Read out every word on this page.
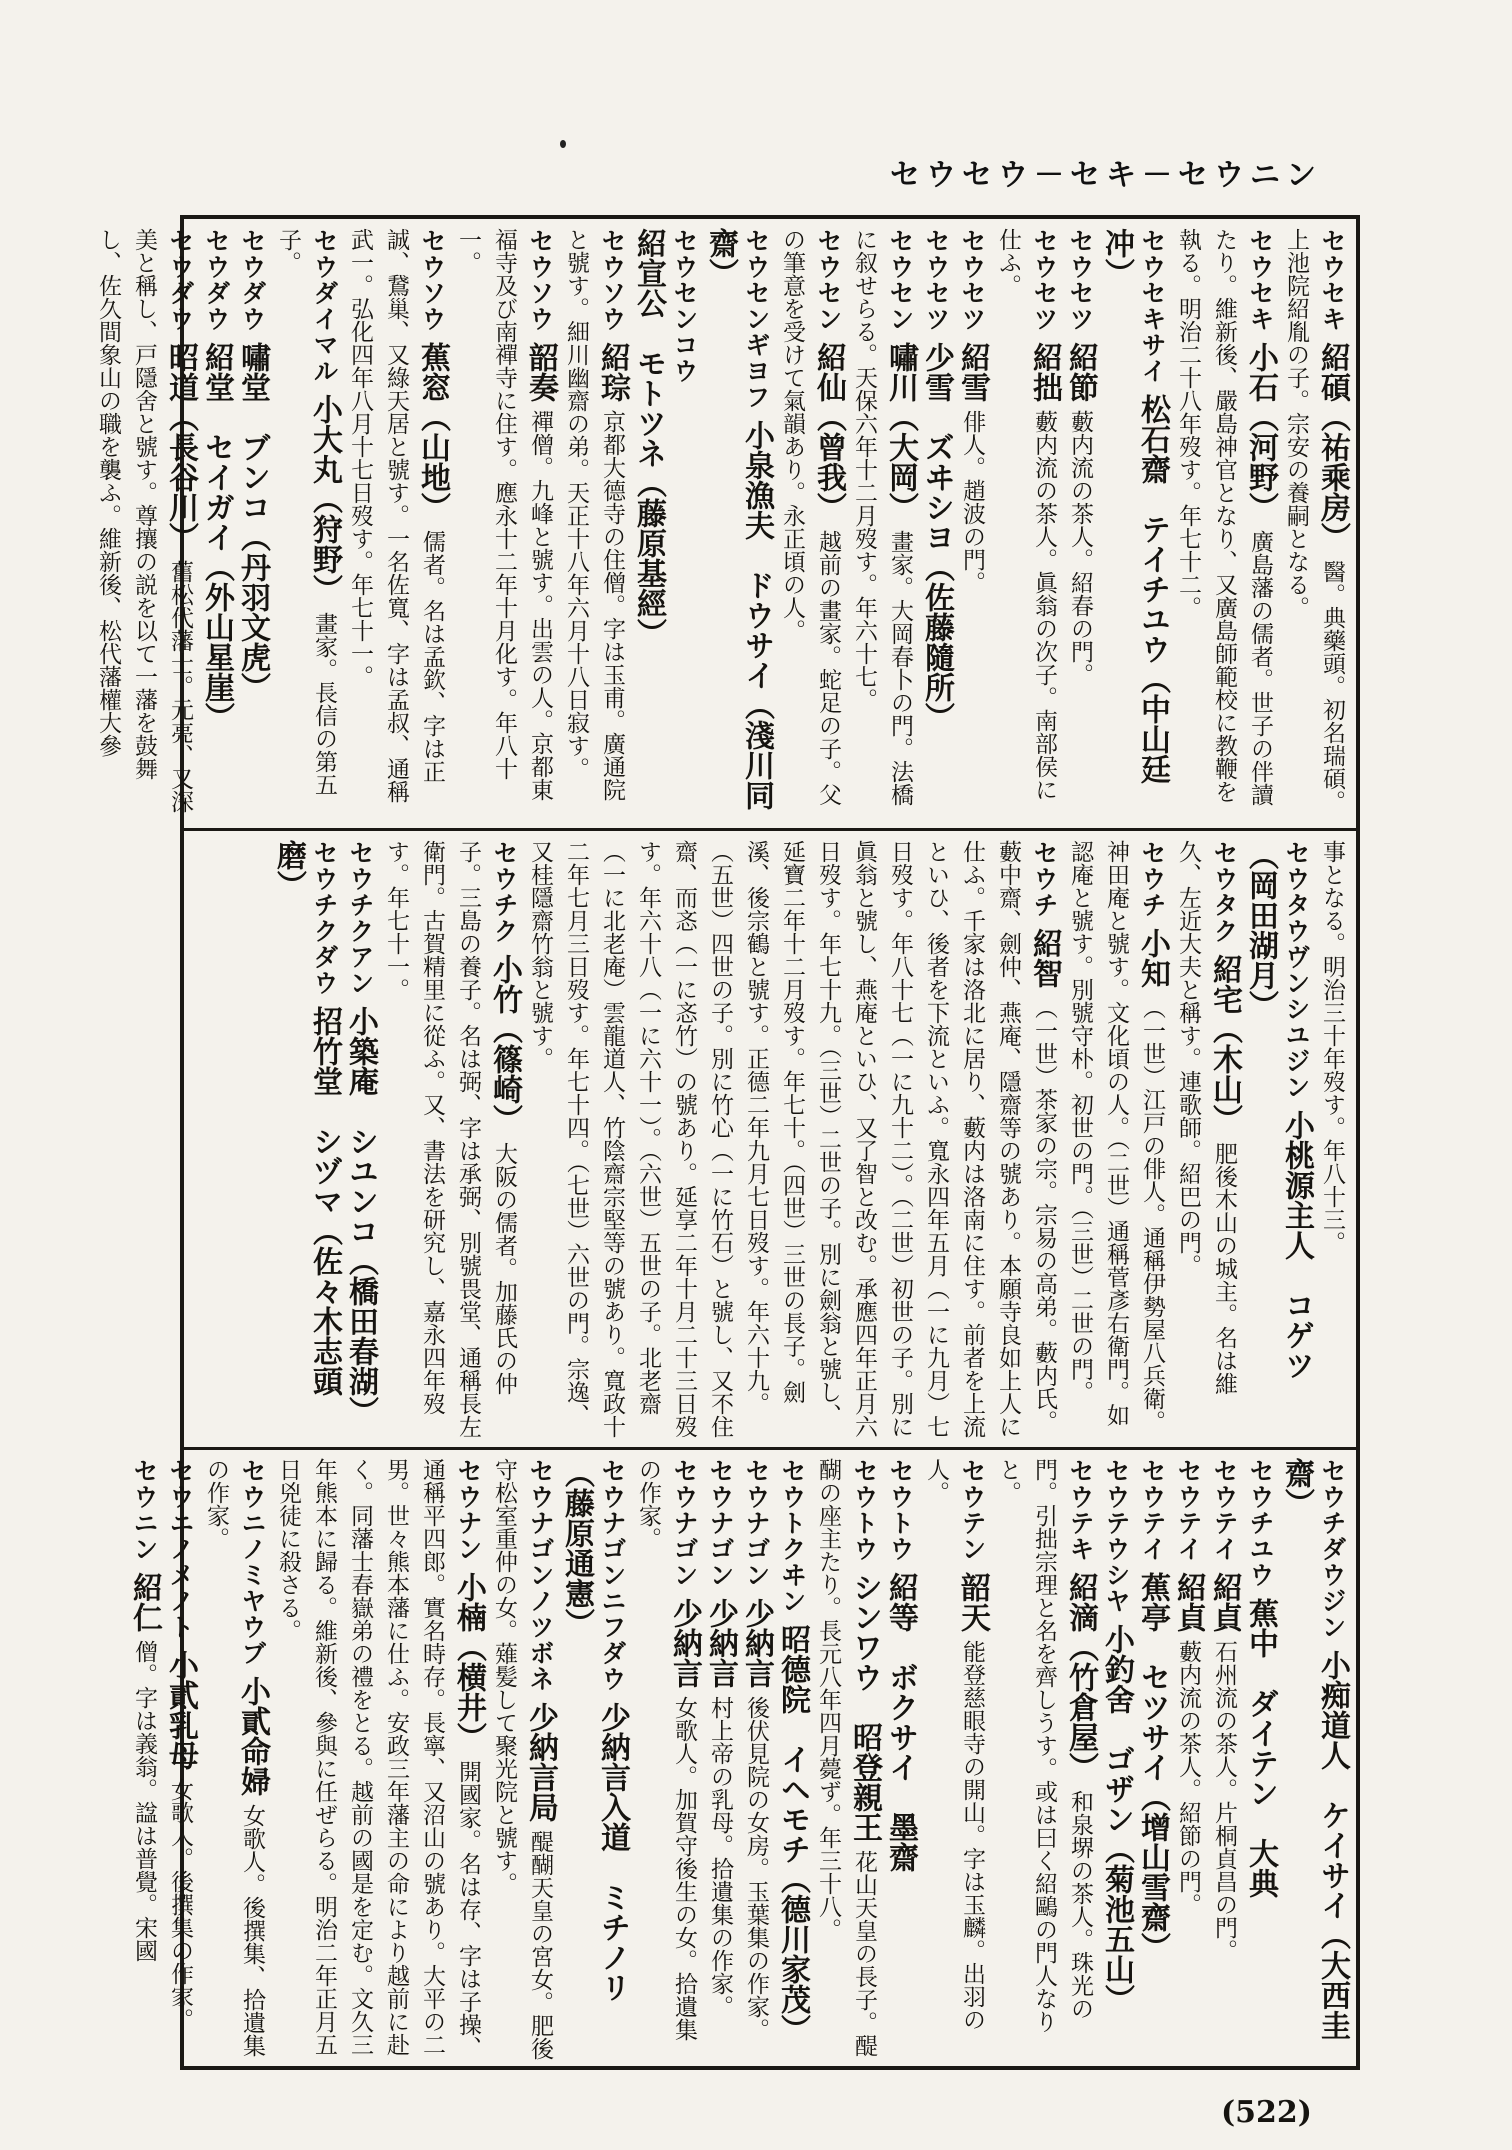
セウセウ－セキ－セウニン

セウセキ紹碩（祐乘房）醫。典藥頭。初名瑞碩。上池院紹胤の子。宗安の養嗣となる。

セウセキ小石（河野）廣島藩の儒者。世子の伴讀たり。維新後、嚴島神官となり、又廣島師範校に教鞭を執る。明治二十八年歿す。年七十二。

セウセキサイ松石齋　テイチユウ（中山廷冲）

セウセツ紹節藪内流の茶人。紹春の門。

セウセツ紹拙藪内流の茶人。眞翁の次子。南部侯に仕ふ。

セウセツ紹雪俳人。趙波の門。

セウセツ少雪　ズヰシヨ（佐藤隨所）

セウセン嘯川（大岡）畫家。大岡春卜の門。法橋に叙せらる。天保六年十二月歿す。年六十七。

セウセン紹仙（曾我）越前の畫家。蛇足の子。父の筆意を受けて氣韻あり。永正頃の人。

セウセンギヨフ小泉漁夫　ドウサイ（淺川同齋）

セウセンコウ紹宣公　モトツネ（藤原基經）

セウソウ紹琮京都大德寺の住僧。字は玉甫。廣通院と號す。細川幽齋の弟。天正十八年六月十八日寂す。

セウソウ韶奏禪僧。九峰と號す。出雲の人。京都東福寺及び南禪寺に住す。應永十二年十月化す。年八十一。

セウソウ蕉窓（山地）儒者。名は孟欽、字は正誠、鵞巢、又綠天居と號す。一名佐寬、字は孟叔、通稱武一。弘化四年八月十七日歿す。年七十一。

セウダイマル小大丸（狩野）畫家。長信の第五子。

セウダウ嘯堂　ブンコ（丹羽文虎）

セウダウ紹堂　セイガイ（外山星崖）

セウダウ昭道（長谷川）舊松代藩士。元亮、又深美と稱し、戸隱舍と號す。尊攘の説を以て一藩を鼓舞し、佐久間象山の職を襲ふ。維新後、松代藩權大參

事となる。明治三十年歿す。年八十三。

セウタウヴンシユジン小桃源主人　コゲツ（岡田湖月）

セウタク紹宅（木山）肥後木山の城主。名は維久、左近大夫と稱す。連歌師。紹巴の門。

セウチ小知（一世）江戸の俳人。通稱伊勢屋八兵衛。神田庵と號す。文化頃の人。（二世）通稱菅彥右衛門。如認庵と號す。別號守朴。初世の門。（三世）二世の門。

セウチ紹智（一世）茶家の宗。宗易の高弟。藪内氏。藪中齋、劍仲、燕庵、隱齋等の號あり。本願寺良如上人に仕ふ。千家は洛北に居り、藪内は洛南に住す。前者を上流といひ、後者を下流といふ。寬永四年五月（一に九月）七日歿す。年八十七（一に九十二）。（二世）初世の子。別に眞翁と號し、燕庵といひ、又了智と改む。承應四年正月六日歿す。年七十九。（三世）二世の子。別に劍翁と號し、延寶二年十二月歿す。年七十。（四世）三世の長子。劍溪、後宗鶴と號す。正德二年九月七日歿す。年六十九。（五世）四世の子。別に竹心（一に竹石）と號し、又不住齋、而忞（一に忞竹）の號あり。延享二年十月二十三日歿す。年六十八（一に六十一）。（六世）五世の子。北老齋（一に北老庵）雲龍道人、竹陰齋宗堅等の號あり。寬政十二年七月三日歿す。年七十四。（七世）六世の門。宗逸、又桂隱齋竹翁と號す。

セウチク小竹（篠崎）大阪の儒者。加藤氏の仲子。三島の養子。名は弼、字は承弼、別號畏堂、通稱長左衛門。古賀精里に從ふ。又、書法を研究し、嘉永四年歿す。年七十一。

セウチクアン小築庵　シユンコ（橋田春湖）

セウチクダウ招竹堂　シヅマ（佐々木志頭磨）

セウチダウジン小痴道人　ケイサイ（大西圭齋）

セウチユウ蕉中　ダイテン　大典

セウテイ紹貞石州流の茶人。片桐貞昌の門。

セウテイ紹貞藪内流の茶人。紹節の門。

セウテイ蕉亭　セツサイ（增山雪齋）

セウテウシヤ小釣舍　ゴザン（菊池五山）

セウテキ紹滴（竹倉屋）和泉堺の茶人。珠光の門。引拙宗理と名を齊しうす。或は曰く紹鷗の門人なりと。

セウテン韶天能登慈眼寺の開山。字は玉麟。出羽の人。

セウトウ紹等　ボクサイ　墨齋

セウトウシンワウ　昭登親王花山天皇の長子。醍醐の座主たり。長元八年四月薨ず。年三十八。

セウトクヰン昭德院　イヘモチ（德川家茂）

セウナゴン少納言後伏見院の女房。玉葉集の作家。

セウナゴン少納言村上帝の乳母。拾遺集の作家。

セウナゴン少納言女歌人。加賀守後生の女。拾遺集の作家。

セウナゴンニフダウ少納言入道　ミチノリ（藤原通憲）

セウナゴンノツボネ少納言局醍醐天皇の宮女。肥後守松室重仲の女。薙髪して聚光院と號す。

セウナン小楠（横井）開國家。名は存、字は子操、通稱平四郎。實名時存。長寧、又沼山の號あり。大平の二男。世々熊本藩に仕ふ。安政三年藩主の命により越前に赴く。同藩士春嶽弟の禮をとる。越前の國是を定む。文久三年熊本に歸る。維新後、參與に任ぜらる。明治二年正月五日兇徒に殺さる。

セウニノミヤウブ小貳命婦女歌人。後撰集、拾遺集の作家。

セウニノメノト小貳乳母女歌人。後撰集の作家。

セウニン紹仁僧。字は義翁。諡は普覺。宋國

(522)
